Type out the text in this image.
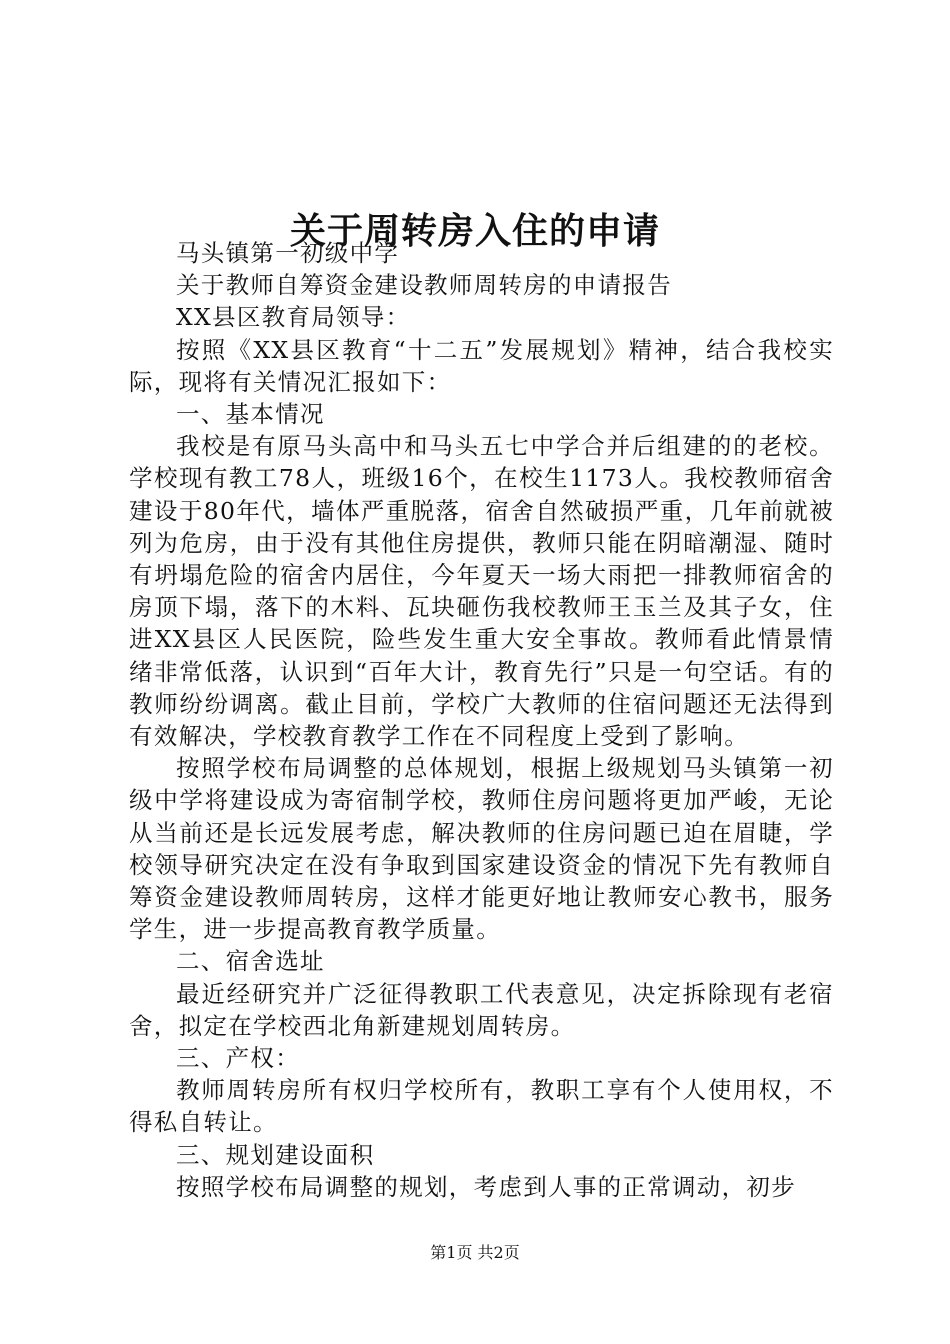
关于周转房入住的申请

马头镇第一初级中学

关于教师自筹资金建设教师周转房的申请报告

XX县区教育局领导：

按照《XX县区教育“十二五”发展规划》精神，结合我校实际，现将有关情况汇报如下：

一、基本情况

我校是有原马头高中和马头五七中学合并后组建的的老校。学校现有教工78人，班级16个，在校生1173人。我校教师宿舍建设于80年代，墙体严重脱落，宿舍自然破损严重，几年前就被列为危房，由于没有其他住房提供，教师只能在阴暗潮湿、随时有坍塌危险的宿舍内居住，今年夏天一场大雨把一排教师宿舍的房顶下塌，落下的木料、瓦块砸伤我校教师王玉兰及其子女，住进XX县区人民医院，险些发生重大安全事故。教师看此情景情绪非常低落，认识到“百年大计，教育先行”只是一句空话。有的教师纷纷调离。截止目前，学校广大教师的住宿问题还无法得到有效解决，学校教育教学工作在不同程度上受到了影响。

按照学校布局调整的总体规划，根据上级规划马头镇第一初级中学将建设成为寄宿制学校，教师住房问题将更加严峻，无论从当前还是长远发展考虑，解决教师的住房问题已迫在眉睫，学校领导研究决定在没有争取到国家建设资金的情况下先有教师自筹资金建设教师周转房，这样才能更好地让教师安心教书，服务学生，进一步提高教育教学质量。

二、宿舍选址

最近经研究并广泛征得教职工代表意见，决定拆除现有老宿舍，拟定在学校西北角新建规划周转房。

三、产权：

教师周转房所有权归学校所有，教职工享有个人使用权，不得私自转让。

三、规划建设面积

按照学校布局调整的规划，考虑到人事的正常调动，初步

第1页 共2页
